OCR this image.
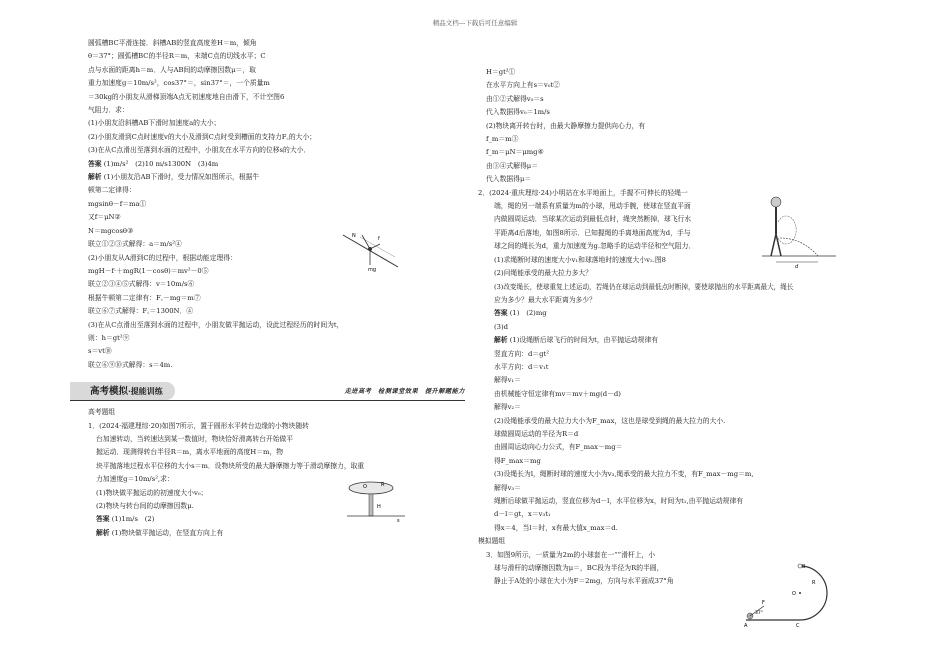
精品文档---下载后可任意编辑
圆弧槽BC平滑连接．斜槽AB的竖直高度差H＝m，倾角
θ＝37°；圆弧槽BC的半径R＝m，末端C点的切线水平；C
点与水面的距离h＝m．人与AB间的动摩擦因数μ＝，取
重力加速度g＝10m/s²，cos37°＝，sin37°＝，一个质量m
＝30kg的小朋友从滑梯顶端A点无初速度地自由滑下，不计空图6
气阻力．求：
(1)小朋友沿斜槽AB下滑时加速度a的大小；
(2)小朋友滑到C点时速度v的大小及滑到C点时受到槽面的支持力F꜀的大小；
(3)在从C点滑出至落到水面的过程中，小朋友在水平方向的位移s的大小．
答案 (1)m/s²　(2)10 m/s1300N　(3)4m
解析 (1)小朋友沿AB下滑时，受力情况如图所示，根据牛
顿第二定律得：
mgsinθ－f＝ma①
又f＝μN②
N＝mgcosθ③
联立①②③式解得：a＝m/s²④
(2)小朋友从A滑到C的过程中，根据动能定理得：
mgH－f·＋mgR(1－cosθ)＝mv²－0⑤
联立②③④⑤式解得：v＝10m/s⑥
根据牛顿第二定律有：F꜀－mg＝m⑦
联立⑥⑦式解得：F꜀＝1300N．④
(3)在从C点滑出至落到水面的过程中，小朋友做平抛运动，设此过程经历的时间为t，
则：h＝gt²⑨
s＝vt⑩
联立⑥⑨⑩式解得：s＝4m.
高考模拟·提能训练	走进高考　检测课堂效果　提升解题能力
高考题组
1．(2024·福建理综·20)如图7所示，置于圆形水平转台边缘的小物块随转
台加速转动，当转速达到某一数值时，物块恰好滑离转台开始做平
抛运动．现测得转台半径R＝m，离水平地面的高度H＝m，物
块平抛落地过程水平位移的大小s＝m．设物块所受的最大静摩擦力等于滑动摩擦力，取重力加速度g＝10m/s²,求：
(1)物块做平抛运动的初速度大小v₀；
(2)物块与转台间的动摩擦因数μ.
答案 (1)1m/s　(2)
解析 (1)物块做平抛运动，在竖直方向上有
H＝gt²①
在水平方向上有s＝v₀t②
由①②式解得v₀＝s
代入数据得v₀＝1m/s
(2)物块离开转台时，由最大静摩擦力提供向心力，有
f_m＝m③
f_m＝μN＝μmg④
由③④式解得μ＝
代入数据得μ＝
2．(2024·重庆理综·24)小明站在水平地面上，手握不可伸长的轻绳一
端，绳的另一端系有质量为m的小球，甩动手腕，使球在竖直平面
内做圆周运动．当球某次运动到最低点时，绳突然断掉，球飞行水
平距离d后落地，如图8所示．已知握绳的手离地面高度为d，手与
球之间的绳长为d，重力加速度为g.忽略手的运动半径和空气阻力．
(1)求绳断时球的速度大小v₁和球落地时的速度大小v₂.图8
(2)问绳能承受的最大拉力多大？
(3)改变绳长，使球重复上述运动，若绳仍在球运动到最低点时断掉，要使球抛出的水平距离最大，绳长
应为多少？最大水平距离为多少？
答案 (1)　(2)mg
(3)d
解析 (1)设绳断后球飞行的时间为t，由平抛运动规律有
竖直方向：d＝gt²
水平方向：d＝v₁t
解得v₁＝
由机械能守恒定律有mv＝mv＋mg(d－d)
解得v₂＝
(2)设绳能承受的最大拉力大小为F_max，这也是球受到绳的最大拉力的大小.
球做圆周运动的半径为R＝d
由圆周运动向心力公式，有F_max－mg＝
得F_max＝mg
(3)设绳长为l，绳断时球的速度大小为v₃,绳承受的最大拉力不变，有F_max－mg＝m,
解得v₃＝
绳断后球做平抛运动，竖直位移为d－l，水平位移为x，时间为t₁,由平抛运动规律有
d－l＝gt，x＝v₃t₁
得x＝4，当l＝时，x有最大值x_max＝d.
模拟题组
3．如图9所示，一质量为2m的小球套在一“”滑杆上，小
球与滑杆的动摩擦因数为μ＝，BC段为半径为R的半圆，
静止于A处的小球在大小为F＝2mg，方向与水平面成37°角
N	f
mg
O	R
H
s
d
B
O
R
C
A
F
37°
